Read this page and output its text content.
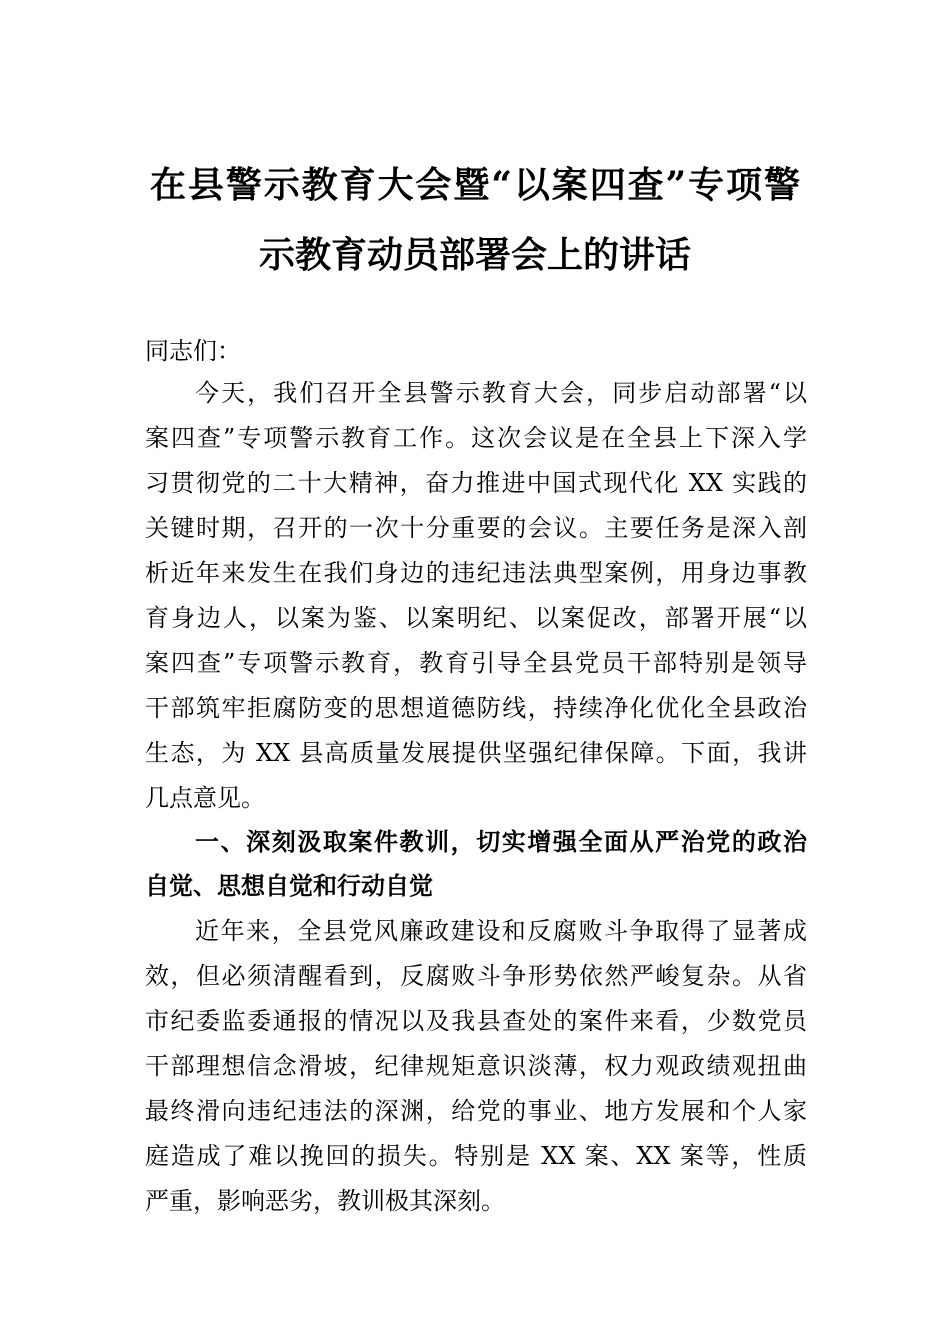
在县警示教育大会暨“以案四查”专项警
示教育动员部署会上的讲话
同志们：
今天，我们召开全县警示教育大会，同步启动部署“以
案四查”专项警示教育工作。这次会议是在全县上下深入学
习贯彻党的二十大精神，奋力推进中国式现代化 XX 实践的
关键时期，召开的一次十分重要的会议。主要任务是深入剖
析近年来发生在我们身边的违纪违法典型案例，用身边事教
育身边人，以案为鉴、以案明纪、以案促改，部署开展“以
案四查”专项警示教育，教育引导全县党员干部特别是领导
干部筑牢拒腐防变的思想道德防线，持续净化优化全县政治
生态，为 XX 县高质量发展提供坚强纪律保障。下面，我讲
几点意见。
一、深刻汲取案件教训，切实增强全面从严治党的政治
自觉、思想自觉和行动自觉
近年来，全县党风廉政建设和反腐败斗争取得了显著成
效，但必须清醒看到，反腐败斗争形势依然严峻复杂。从省
市纪委监委通报的情况以及我县查处的案件来看，少数党员
干部理想信念滑坡，纪律规矩意识淡薄，权力观政绩观扭曲
最终滑向违纪违法的深渊，给党的事业、地方发展和个人家
庭造成了难以挽回的损失。特别是 XX 案、XX 案等，性质
严重，影响恶劣，教训极其深刻。
